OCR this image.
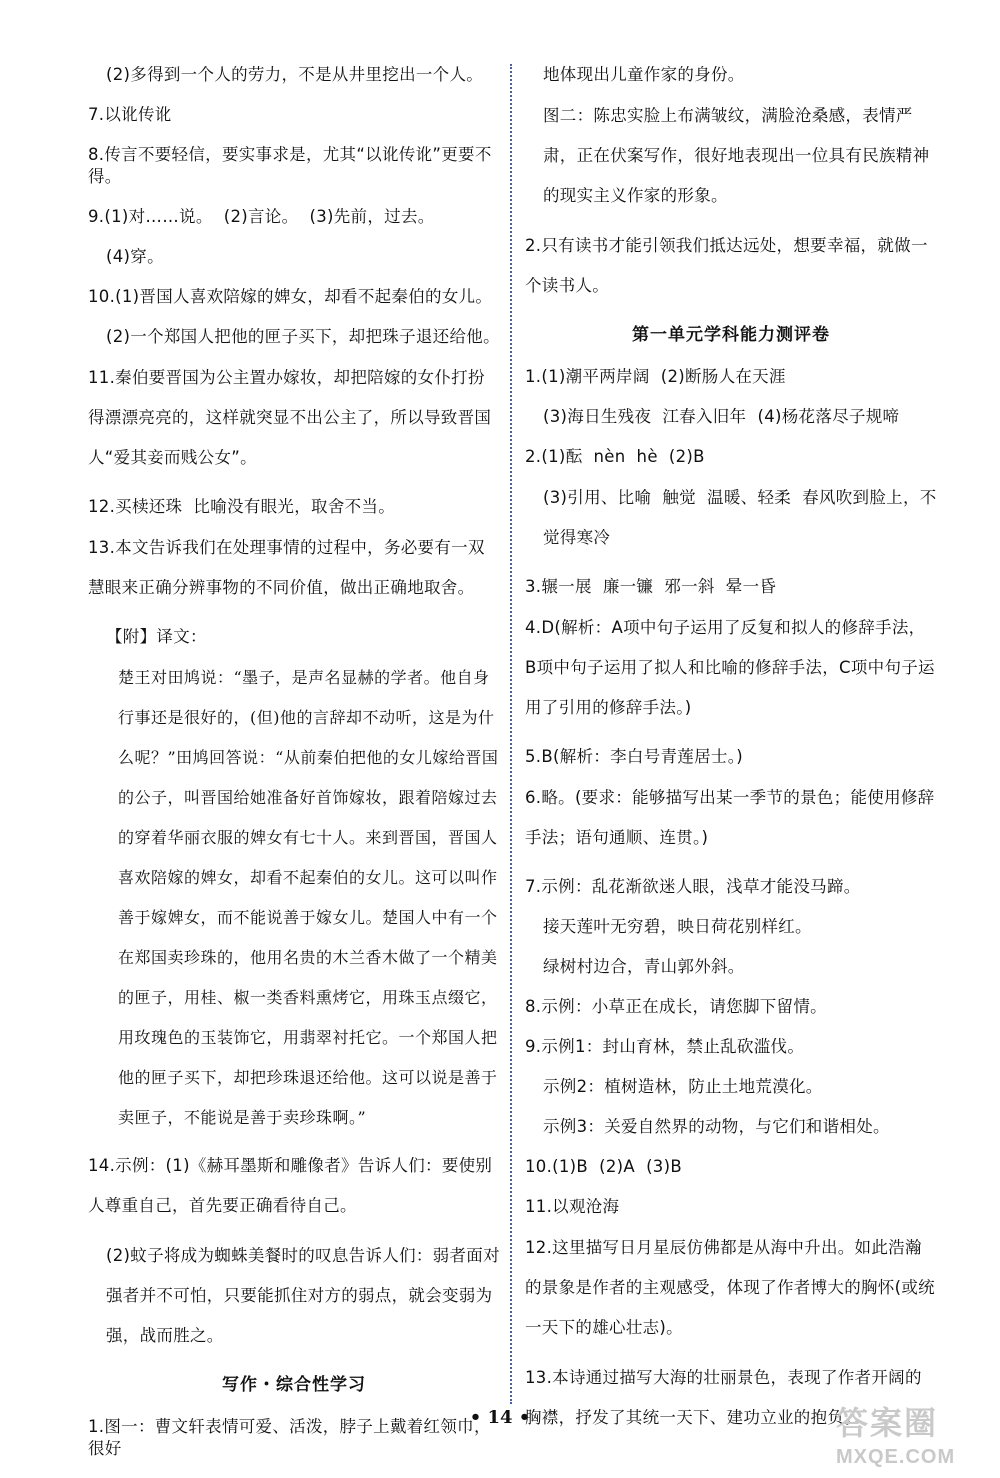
(2)多得到一个人的劳力，不是从井里挖出一个人。
7.以讹传讹
8.传言不要轻信，要实事求是，尤其“以讹传讹”更要不得。
9.(1)对……说。  (2)言论。  (3)先前，过去。
(4)穿。
10.(1)晋国人喜欢陪嫁的婢女，却看不起秦伯的女儿。
(2)一个郑国人把他的匣子买下，却把珠子退还给他。
11.秦伯要晋国为公主置办嫁妆，却把陪嫁的女仆打扮得漂漂亮亮的，这样就突显不出公主了，所以导致晋国人“爱其妾而贱公女”。
12.买椟还珠  比喻没有眼光，取舍不当。
13.本文告诉我们在处理事情的过程中，务必要有一双慧眼来正确分辨事物的不同价值，做出正确地取舍。
【附】译文：
楚王对田鸠说：“墨子，是声名显赫的学者。他自身行事还是很好的，(但)他的言辞却不动听，这是为什么呢？”田鸠回答说：“从前秦伯把他的女儿嫁给晋国的公子，叫晋国给她准备好首饰嫁妆，跟着陪嫁过去的穿着华丽衣服的婢女有七十人。来到晋国，晋国人喜欢陪嫁的婢女，却看不起秦伯的女儿。这可以叫作善于嫁婢女，而不能说善于嫁女儿。楚国人中有一个在郑国卖珍珠的，他用名贵的木兰香木做了一个精美的匣子，用桂、椒一类香料熏烤它，用珠玉点缀它，用玫瑰色的玉装饰它，用翡翠衬托它。一个郑国人把他的匣子买下，却把珍珠退还给他。这可以说是善于卖匣子，不能说是善于卖珍珠啊。”
14.示例：(1)《赫耳墨斯和雕像者》告诉人们：要使别人尊重自己，首先要正确看待自己。
(2)蚊子将成为蜘蛛美餐时的叹息告诉人们：弱者面对强者并不可怕，只要能抓住对方的弱点，就会变弱为强，战而胜之。
写作・综合性学习
1.图一：曹文轩表情可爱、活泼，脖子上戴着红领巾，很好
地体现出儿童作家的身份。
图二：陈忠实脸上布满皱纹，满脸沧桑感，表情严肃，正在伏案写作，很好地表现出一位具有民族精神的现实主义作家的形象。
2.只有读书才能引领我们抵达远处，想要幸福，就做一个读书人。
第一单元学科能力测评卷
1.(1)潮平两岸阔  (2)断肠人在天涯
(3)海日生残夜  江春入旧年  (4)杨花落尽子规啼
2.(1)酝  nèn  hè  (2)B
(3)引用、比喻  触觉  温暖、轻柔  春风吹到脸上，不觉得寒冷
3.辗一展  廉一镰  邪一斜  晕一昏
4.D(解析：A项中句子运用了反复和拟人的修辞手法，B项中句子运用了拟人和比喻的修辞手法，C项中句子运用了引用的修辞手法。)
5.B(解析：李白号青莲居士。)
6.略。(要求：能够描写出某一季节的景色；能使用修辞手法；语句通顺、连贯。)
7.示例：乱花渐欲迷人眼，浅草才能没马蹄。
接天莲叶无穷碧，映日荷花别样红。
绿树村边合，青山郭外斜。
8.示例：小草正在成长，请您脚下留情。
9.示例1：封山育林，禁止乱砍滥伐。
示例2：植树造林，防止土地荒漠化。
示例3：关爱自然界的动物，与它们和谐相处。
10.(1)B  (2)A  (3)B
11.以观沧海
12.这里描写日月星辰仿佛都是从海中升出。如此浩瀚的景象是作者的主观感受，体现了作者博大的胸怀(或统一天下的雄心壮志)。
13.本诗通过描写大海的壮丽景色，表现了作者开阔的胸襟，抒发了其统一天下、建功立业的抱负。
• 14 •	答案圈
MXQE.COM
